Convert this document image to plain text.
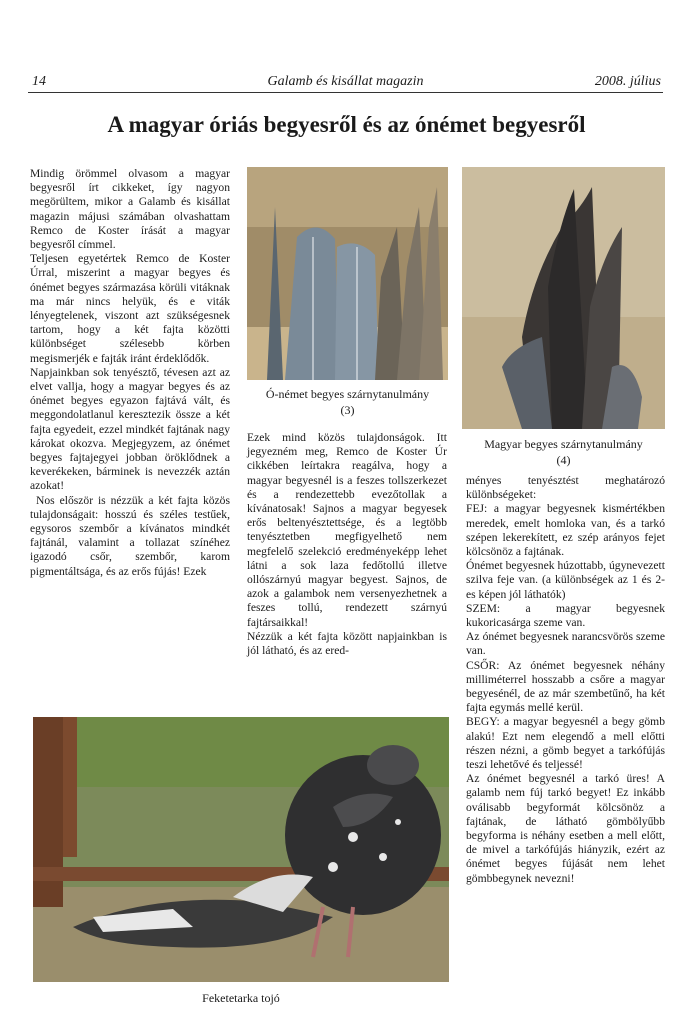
14	Galamb és kisállat magazin	2008. július
A magyar óriás begyesről és az ónémet begyesről

Mindig örömmel olvasom a magyar begyesről írt cikkeket, így nagyon megörültem, mikor a Galamb és kisállat magazin májusi számában olvashattam Remco de Koster írását a magyar begyesről címmel.

Teljesen egyetértek Remco de Koster Úrral, miszerint a magyar begyes és ónémet begyes származása körüli vitáknak ma már nincs helyük, és e viták lényegtelenek, viszont azt szükségesnek tartom, hogy a két fajta közötti különbséget szélesebb körben megismerjék e fajták iránt érdeklődők.

Napjainkban sok tenyésztő, tévesen azt az elvet vallja, hogy a magyar begyes és az ónémet begyes egyazon fajtává vált, és meggondolatlanul keresztezik össze a két fajta egyedeit, ezzel mindkét fajtának nagy károkat okozva. Megjegyzem, az ónémet begyes fajtajegyei jobban öröklődnek a keverékeken, bárminek is nevezzék aztán azokat!

Nos először is nézzük a két fajta közös tulajdonságait: hosszú és széles testűek, egysoros szembőr a kívánatos mindkét fajtánál, valamint a tollazat színéhez igazodó csőr, szembőr, karom pigmentáltsága, és az erős fújás! Ezek

Ó-német begyes szárnytanulmány
(3)
Magyar begyes szárnytanulmány
(4)

Ezek mind közös tulajdonságok. Itt jegyezném meg, Remco de Koster Úr cikkében leírtakra reagálva, hogy a magyar begyesnél is a feszes tollszerkezet és a rendezettebb evezőtollak a kívánatosak! Sajnos a magyar begyesek erős beltenyésztettsége, és a legtöbb tenyésztetben megfigyelhető nem megfelelő szelekció eredményeképp lehet látni a sok laza fedőtollú illetve ollószárnyú magyar begyest. Sajnos, de azok a galambok nem versenyezhetnek a feszes tollú, rendezett szárnyú fajtársaikkal!

Nézzük a két fajta között napjainkban is jól látható, és az ered-

ményes tenyésztést meghatározó különbségeket:

FEJ: a magyar begyesnek kismértékben meredek, emelt homloka van, és a tarkó szépen lekerekített, ez szép arányos fejet kölcsönöz a fajtának.

Ónémet begyesnek húzottabb, úgynevezett szilva feje van. (a különbségek az 1 és 2-es képen jól láthatók)

SZEM: a magyar begyesnek kukoricasárga szeme van.

Az ónémet begyesnek narancsvörös szeme van.

CSŐR: Az ónémet begyesnek néhány milliméterrel hosszabb a csőre a magyar begyesénél, de az már szembetűnő, ha két fajta egymás mellé kerül.

BEGY: a magyar begyesnél a begy gömb alakú! Ezt nem elegendő a mell előtti részen nézni, a gömb begyet a tarkófújás teszi lehetővé és teljessé!

Az ónémet begyesnél a tarkó üres! A galamb nem fúj tarkó begyet! Ez inkább oválisabb begyformát kölcsönöz a fajtának, de látható gömbölyűbb begyforma is néhány esetben a mell előtt, de mivel a tarkófújás hiányzik, ezért az ónémet begyes fújását nem lehet gömbbegynek nevezni!

Feketetarka tojó
